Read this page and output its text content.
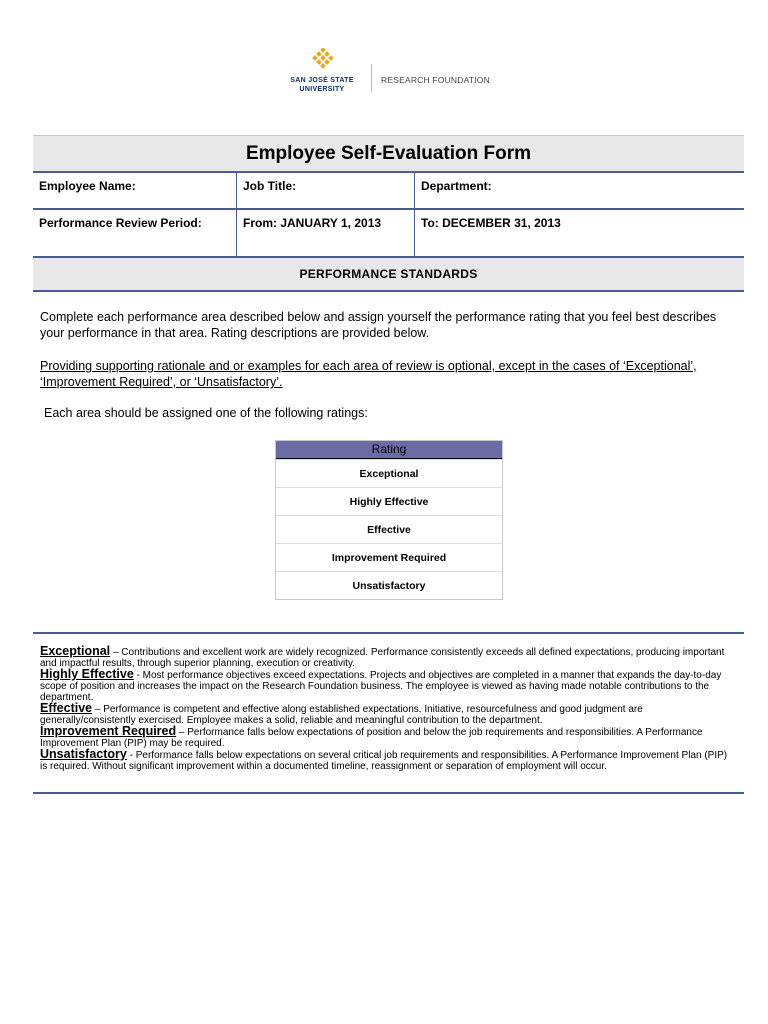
SAN JOSÉ STATE
UNIVERSITY
RESEARCH FOUNDATION
Employee Self-Evaluation Form
Employee Name:	Job Title:	Department:
Performance Review Period:	From: JANUARY 1, 2013	To: DECEMBER 31, 2013
PERFORMANCE STANDARDS
Complete each performance area described below and assign yourself the performance rating that you feel best describes your performance in that area. Rating descriptions are provided below.
Providing supporting rationale and or examples for each area of review is optional, except in the cases of ‘Exceptional’, ‘Improvement Required’, or ‘Unsatisfactory’.
Each area should be assigned one of the following ratings:
Rating
Exceptional
Highly Effective
Effective
Improvement Required
Unsatisfactory

Exceptional – Contributions and excellent work are widely recognized. Performance consistently exceeds all defined expectations, producing important and impactful results, through superior planning, execution or creativity.

Highly Effective - Most performance objectives exceed expectations. Projects and objectives are completed in a manner that expands the day-to-day scope of position and increases the impact on the Research Foundation business. The employee is viewed as having made notable contributions to the department.

Effective – Performance is competent and effective along established expectations. Initiative, resourcefulness and good judgment are generally/consistently exercised. Employee makes a solid, reliable and meaningful contribution to the department.

Improvement Required – Performance falls below expectations of position and below the job requirements and responsibilities. A Performance Improvement Plan (PIP) may be required.

Unsatisfactory - Performance falls below expectations on several critical job requirements and responsibilities. A Performance Improvement Plan (PIP) is required. Without significant improvement within a documented timeline, reassignment or separation of employment will occur.
